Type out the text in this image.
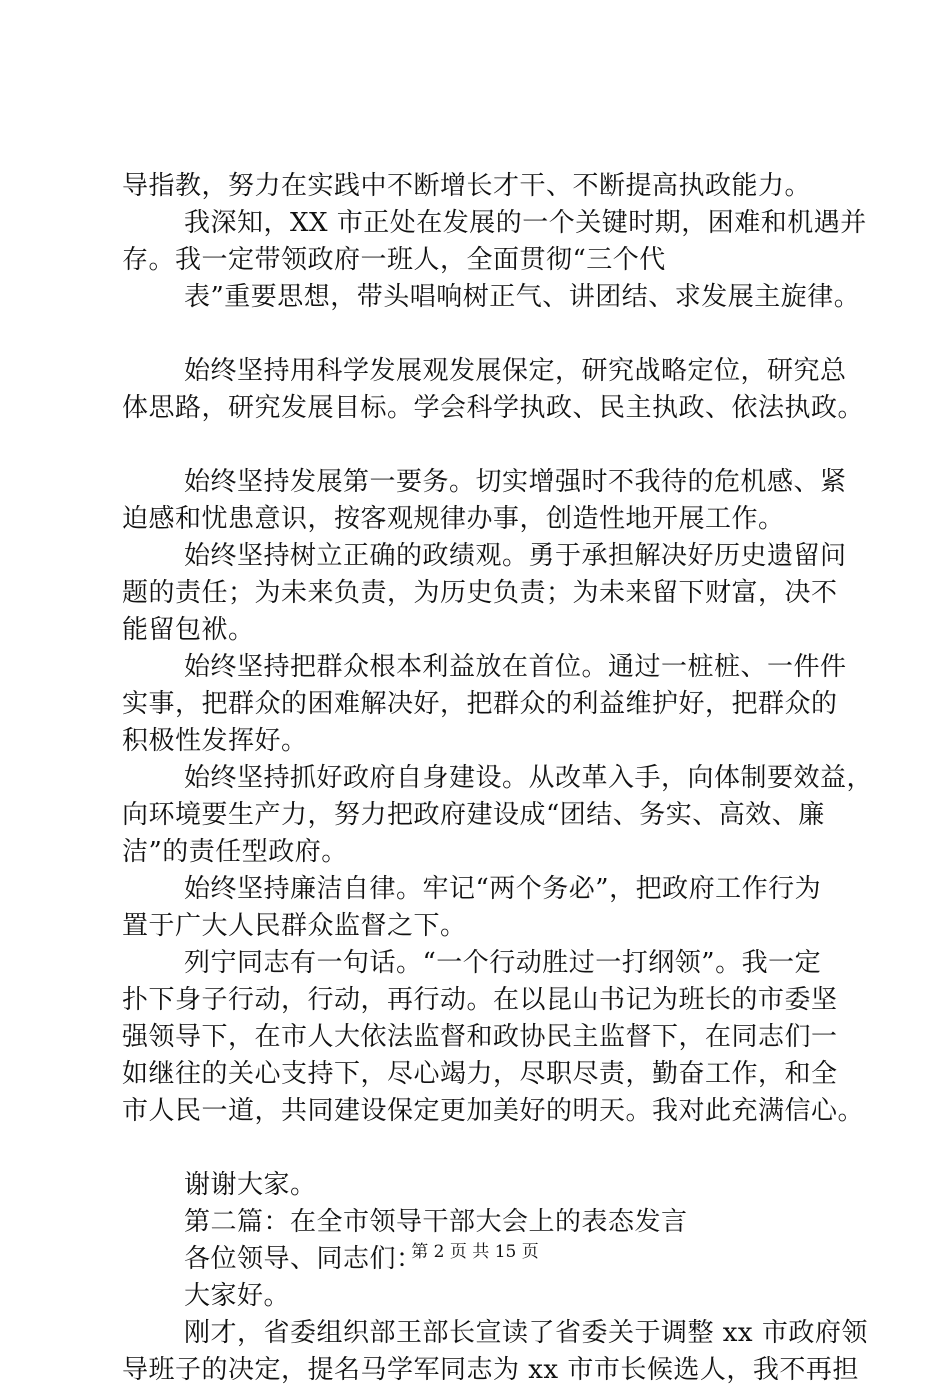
导指教，努力在实践中不断增长才干、不断提高执政能力。
我深知，XX 市正处在发展的一个关键时期，困难和机遇并
存。我一定带领政府一班人，全面贯彻“三个代
表”重要思想，带头唱响树正气、讲团结、求发展主旋律。
始终坚持用科学发展观发展保定，研究战略定位，研究总
体思路，研究发展目标。学会科学执政、民主执政、依法执政。
始终坚持发展第一要务。切实增强时不我待的危机感、紧
迫感和忧患意识，按客观规律办事，创造性地开展工作。
始终坚持树立正确的政绩观。勇于承担解决好历史遗留问
题的责任；为未来负责，为历史负责；为未来留下财富，决不
能留包袱。
始终坚持把群众根本利益放在首位。通过一桩桩、一件件
实事，把群众的困难解决好，把群众的利益维护好，把群众的
积极性发挥好。
始终坚持抓好政府自身建设。从改革入手，向体制要效益，
向环境要生产力，努力把政府建设成“团结、务实、高效、廉
洁”的责任型政府。
始终坚持廉洁自律。牢记“两个务必”，把政府工作行为
置于广大人民群众监督之下。
列宁同志有一句话。“一个行动胜过一打纲领”。我一定
扑下身子行动，行动，再行动。在以昆山书记为班长的市委坚
强领导下，在市人大依法监督和政协民主监督下，在同志们一
如继往的关心支持下，尽心竭力，尽职尽责，勤奋工作，和全
市人民一道，共同建设保定更加美好的明天。我对此充满信心。
谢谢大家。
第二篇：在全市领导干部大会上的表态发言
各位领导、同志们：
大家好。
刚才，省委组织部王部长宣读了省委关于调整 xx 市政府领
导班子的决定，提名马学军同志为 xx 市市长候选人，我不再担
第 2 页 共 15 页
